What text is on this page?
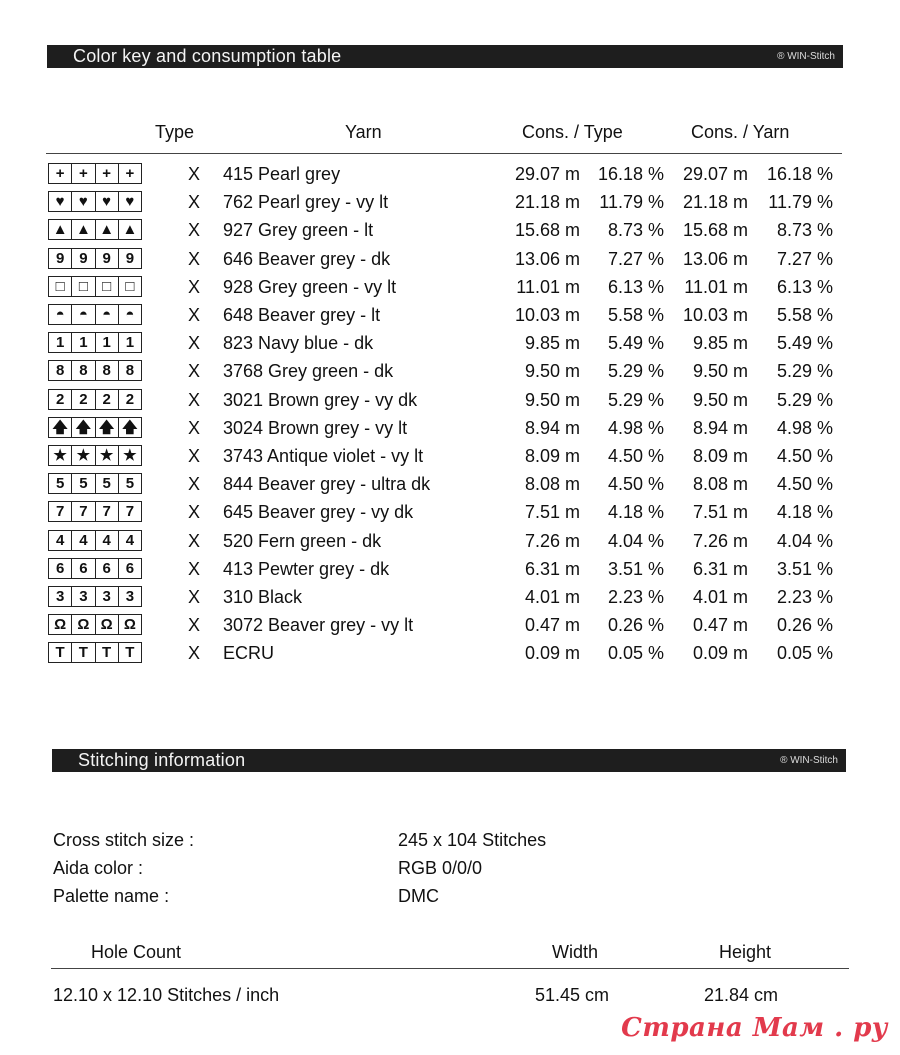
Color key and consumption table	® WIN-Stitch
Type	Yarn	Cons. / Type	Cons. / Yarn
+ + + +	X 415 Pearl grey	29.07 m 16.18 %	29.07 m	16.18 %
♥ ♥ ♥ ♥	X 762 Pearl grey - vy lt	21.18 m	11.79 %	21.18 m	11.79 %
▲ ▲ ▲ ▲	X 927 Grey green - lt	15.68 m	8.73 %	15.68 m	8.73 %
9 9 9 9	X 646 Beaver grey - dk	13.06 m	7.27 %	13.06 m	7.27 %
□ □ □ □	X 928 Grey green - vy lt	11.01 m	6.13 %	11.01 m	6.13 %
◓ ◓ ◓ ◓	X 648 Beaver grey - lt	10.03 m	5.58 %	10.03 m	5.58 %
1 1 1 1	X 823 Navy blue - dk	9.85 m	5.49 %	9.85 m	5.49 %
8 8 8 8	X 3768 Grey green - dk	9.50 m	5.29 %	9.50 m	5.29 %
2 2 2 2	X 3021 Brown grey - vy dk	9.50 m	5.29 %	9.50 m	5.29 %
🡅 🡅 🡅 🡅	X 3024 Brown grey - vy lt	8.94 m	4.98 %	8.94 m	4.98 %
★ ★ ★ ★	X 3743 Antique violet - vy lt	8.09 m	4.50 %	8.09 m	4.50 %
5 5 5 5	X 844 Beaver grey - ultra dk	8.08 m	4.50 %	8.08 m	4.50 %
7 7 7 7	X 645 Beaver grey - vy dk	7.51 m	4.18 %	7.51 m	4.18 %
4 4 4 4	X 520 Fern green - dk	7.26 m	4.04 %	7.26 m	4.04 %
6 6 6 6	X 413 Pewter grey - dk	6.31 m	3.51 %	6.31 m	3.51 %
3 3 3 3	X 310 Black	4.01 m	2.23 %	4.01 m	2.23 %
Ω Ω Ω Ω	X 3072 Beaver grey - vy lt	0.47 m	0.26 %	0.47 m	0.26 %
T T T T	X ECRU	0.09 m	0.05 %	0.09 m	0.05 %
Stitching information	® WIN-Stitch
Cross stitch size :	245 x 104 Stitches
Aida color :	RGB 0/0/0
Palette name :	DMC
Hole Count	Width	Height
12.10 x 12.10 Stitches / inch	51.45 cm	21.84 cm
Страна Мам . ру
